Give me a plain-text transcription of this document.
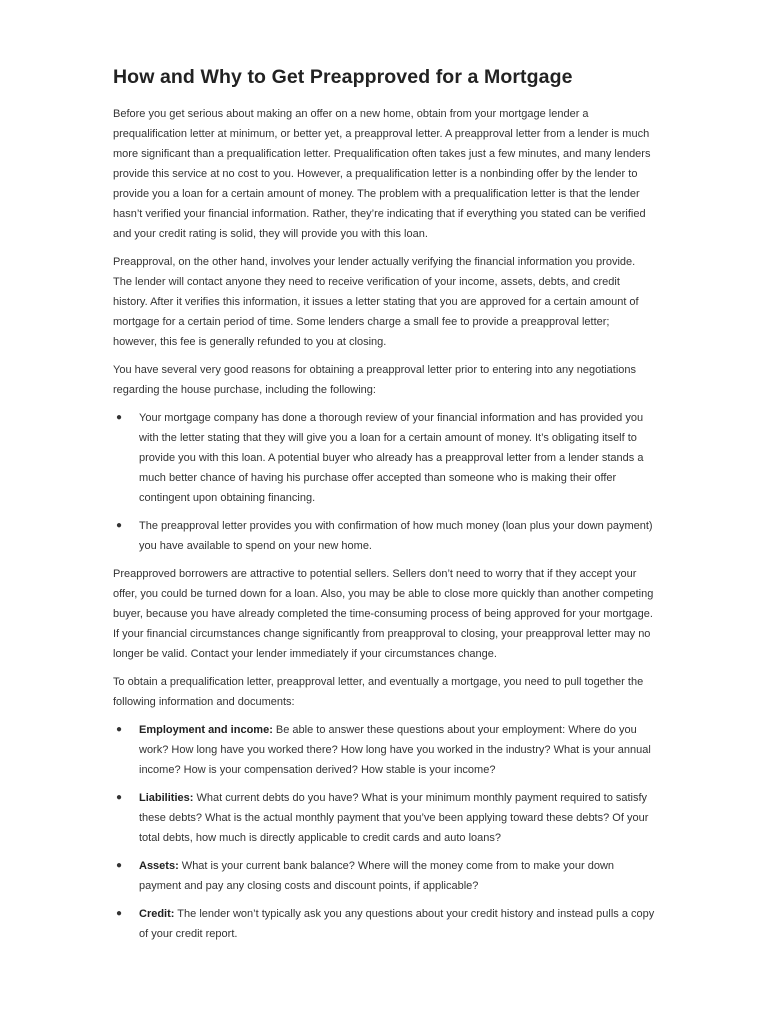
How and Why to Get Preapproved for a Mortgage

Before you get serious about making an offer on a new home, obtain from your mortgage lender a prequalification letter at minimum, or better yet, a preapproval letter. A preapproval letter from a lender is much more significant than a prequalification letter. Prequalification often takes just a few minutes, and many lenders provide this service at no cost to you. However, a prequalification letter is a nonbinding offer by the lender to provide you a loan for a certain amount of money. The problem with a prequalification letter is that the lender hasn’t verified your financial information. Rather, they’re indicating that if everything you stated can be verified and your credit rating is solid, they will provide you with this loan.

Preapproval, on the other hand, involves your lender actually verifying the financial information you provide. The lender will contact anyone they need to receive verification of your income, assets, debts, and credit history. After it verifies this information, it issues a letter stating that you are approved for a certain amount of mortgage for a certain period of time. Some lenders charge a small fee to provide a preapproval letter; however, this fee is generally refunded to you at closing.

You have several very good reasons for obtaining a preapproval letter prior to entering into any negotiations regarding the house purchase, including the following:

● Your mortgage company has done a thorough review of your financial information and has provided you with the letter stating that they will give you a loan for a certain amount of money. It’s obligating itself to provide you with this loan. A potential buyer who already has a preapproval letter from a lender stands a much better chance of having his purchase offer accepted than someone who is making their offer contingent upon obtaining financing.
● The preapproval letter provides you with confirmation of how much money (loan plus your down payment) you have available to spend on your new home.

Preapproved borrowers are attractive to potential sellers. Sellers don’t need to worry that if they accept your offer, you could be turned down for a loan. Also, you may be able to close more quickly than another competing buyer, because you have already completed the time-consuming process of being approved for your mortgage. If your financial circumstances change significantly from preapproval to closing, your preapproval letter may no longer be valid. Contact your lender immediately if your circumstances change.

To obtain a prequalification letter, preapproval letter, and eventually a mortgage, you need to pull together the following information and documents:

● Employment and income: Be able to answer these questions about your employment: Where do you work? How long have you worked there? How long have you worked in the industry? What is your annual income? How is your compensation derived? How stable is your income?
● Liabilities: What current debts do you have? What is your minimum monthly payment required to satisfy these debts? What is the actual monthly payment that you’ve been applying toward these debts? Of your total debts, how much is directly applicable to credit cards and auto loans?
● Assets: What is your current bank balance? Where will the money come from to make your down payment and pay any closing costs and discount points, if applicable?
● Credit: The lender won’t typically ask you any questions about your credit history and instead pulls a copy of your credit report.
